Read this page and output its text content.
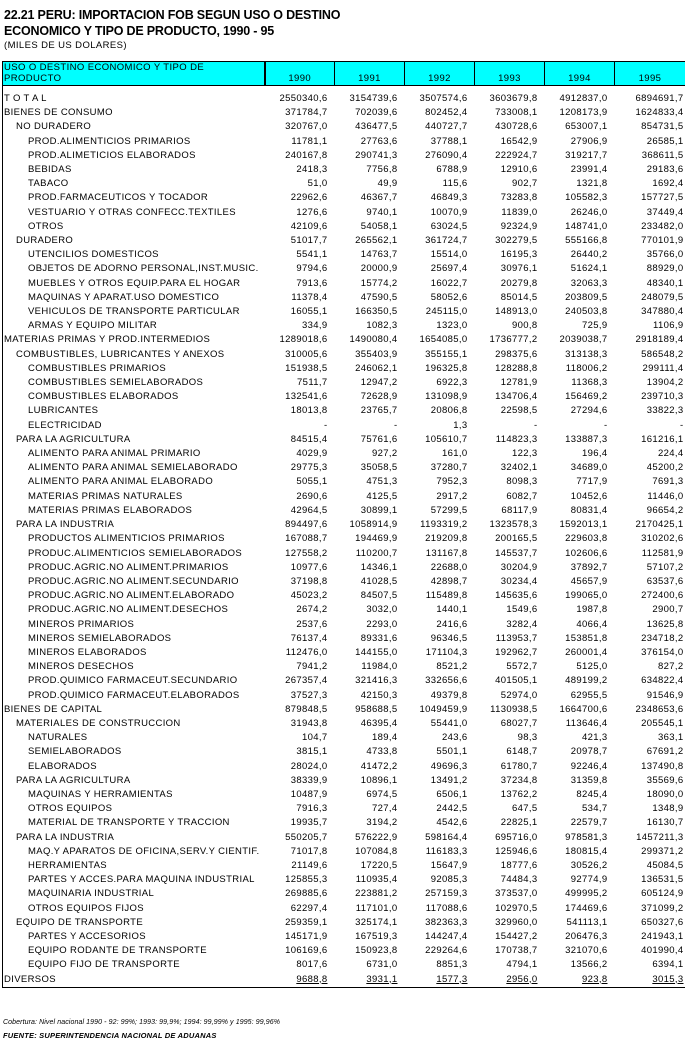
22.21 PERU: IMPORTACION FOB SEGUN USO O DESTINO
ECONOMICO Y TIPO DE PRODUCTO, 1990 - 95
(MILES DE US DOLARES)
USO O DESTINO ECONOMICO Y TIPO DE PRODUCTO	1990	1991	1992	1993	1994	1995

T O T A L	2550340,6	3154739,6	3507574,6	3603679,8	4912837,0	6894691,7
BIENES DE CONSUMO	371784,7	702039,6	802452,4	733008,1	1208173,9	1624833,4
NO DURADERO	320767,0	436477,5	440727,7	430728,6	653007,1	854731,5
PROD.ALIMENTICIOS PRIMARIOS	11781,1	27763,6	37788,1	16542,9	27906,9	26585,1
PROD.ALIMETICIOS ELABORADOS	240167,8	290741,3	276090,4	222924,7	319217,7	368611,5
BEBIDAS	2418,3	7756,8	6788,9	12910,6	23991,4	29183,6
TABACO	51,0	49,9	115,6	902,7	1321,8	1692,4
PROD.FARMACEUTICOS Y TOCADOR	22962,6	46367,7	46849,3	73283,8	105582,3	157727,5
VESTUARIO Y OTRAS CONFECC.TEXTILES	1276,6	9740,1	10070,9	11839,0	26246,0	37449,4
OTROS	42109,6	54058,1	63024,5	92324,9	148741,0	233482,0
DURADERO	51017,7	265562,1	361724,7	302279,5	555166,8	770101,9
UTENCILIOS DOMESTICOS	5541,1	14763,7	15514,0	16195,3	26440,2	35766,0
OBJETOS DE ADORNO PERSONAL,INST.MUSIC.	9794,6	20000,9	25697,4	30976,1	51624,1	88929,0
MUEBLES Y OTROS EQUIP.PARA EL HOGAR	7913,6	15774,2	16022,7	20279,8	32063,3	48340,1
MAQUINAS Y APARAT.USO DOMESTICO	11378,4	47590,5	58052,6	85014,5	203809,5	248079,5
VEHICULOS DE TRANSPORTE PARTICULAR	16055,1	166350,5	245115,0	148913,0	240503,8	347880,4
ARMAS Y EQUIPO MILITAR	334,9	1082,3	1323,0	900,8	725,9	1106,9
MATERIAS PRIMAS Y PROD.INTERMEDIOS	1289018,6	1490080,4	1654085,0	1736777,2	2039038,7	2918189,4
COMBUSTIBLES, LUBRICANTES Y ANEXOS	310005,6	355403,9	355155,1	298375,6	313138,3	586548,2
COMBUSTIBLES PRIMARIOS	151938,5	246062,1	196325,8	128288,8	118006,2	299111,4
COMBUSTIBLES SEMIELABORADOS	7511,7	12947,2	6922,3	12781,9	11368,3	13904,2
COMBUSTIBLES ELABORADOS	132541,6	72628,9	131098,9	134706,4	156469,2	239710,3
LUBRICANTES	18013,8	23765,7	20806,8	22598,5	27294,6	33822,3
ELECTRICIDAD	-	-	1,3	-	-	-
PARA LA AGRICULTURA	84515,4	75761,6	105610,7	114823,3	133887,3	161216,1
ALIMENTO PARA ANIMAL PRIMARIO	4029,9	927,2	161,0	122,3	196,4	224,4
ALIMENTO PARA ANIMAL SEMIELABORADO	29775,3	35058,5	37280,7	32402,1	34689,0	45200,2
ALIMENTO PARA ANIMAL ELABORADO	5055,1	4751,3	7952,3	8098,3	7717,9	7691,3
MATERIAS PRIMAS NATURALES	2690,6	4125,5	2917,2	6082,7	10452,6	11446,0
MATERIAS PRIMAS ELABORADOS	42964,5	30899,1	57299,5	68117,9	80831,4	96654,2
PARA LA INDUSTRIA	894497,6	1058914,9	1193319,2	1323578,3	1592013,1	2170425,1
PRODUCTOS ALIMENTICIOS PRIMARIOS	167088,7	194469,9	219209,8	200165,5	229603,8	310202,6
PRODUC.ALIMENTICIOS SEMIELABORADOS	127558,2	110200,7	131167,8	145537,7	102606,6	112581,9
PRODUC.AGRIC.NO ALIMENT.PRIMARIOS	10977,6	14346,1	22688,0	30204,9	37892,7	57107,2
PRODUC.AGRIC.NO ALIMENT.SECUNDARIO	37198,8	41028,5	42898,7	30234,4	45657,9	63537,6
PRODUC.AGRIC.NO ALIMENT.ELABORADO	45023,2	84507,5	115489,8	145635,6	199065,0	272400,6
PRODUC.AGRIC.NO ALIMENT.DESECHOS	2674,2	3032,0	1440,1	1549,6	1987,8	2900,7
MINEROS PRIMARIOS	2537,6	2293,0	2416,6	3282,4	4066,4	13625,8
MINEROS SEMIELABORADOS	76137,4	89331,6	96346,5	113953,7	153851,8	234718,2
MINEROS ELABORADOS	112476,0	144155,0	171104,3	192962,7	260001,4	376154,0
MINEROS DESECHOS	7941,2	11984,0	8521,2	5572,7	5125,0	827,2
PROD.QUIMICO FARMACEUT.SECUNDARIO	267357,4	321416,3	332656,6	401505,1	489199,2	634822,4
PROD.QUIMICO FARMACEUT.ELABORADOS	37527,3	42150,3	49379,8	52974,0	62955,5	91546,9
BIENES DE CAPITAL	879848,5	958688,5	1049459,9	1130938,5	1664700,6	2348653,6
MATERIALES DE CONSTRUCCION	31943,8	46395,4	55441,0	68027,7	113646,4	205545,1
NATURALES	104,7	189,4	243,6	98,3	421,3	363,1
SEMIELABORADOS	3815,1	4733,8	5501,1	6148,7	20978,7	67691,2
ELABORADOS	28024,0	41472,2	49696,3	61780,7	92246,4	137490,8
PARA LA AGRICULTURA	38339,9	10896,1	13491,2	37234,8	31359,8	35569,6
MAQUINAS Y HERRAMIENTAS	10487,9	6974,5	6506,1	13762,2	8245,4	18090,0
OTROS EQUIPOS	7916,3	727,4	2442,5	647,5	534,7	1348,9
MATERIAL DE TRANSPORTE Y TRACCION	19935,7	3194,2	4542,6	22825,1	22579,7	16130,7
PARA LA INDUSTRIA	550205,7	576222,9	598164,4	695716,0	978581,3	1457211,3
MAQ.Y APARATOS DE OFICINA,SERV.Y CIENTIF.	71017,8	107084,8	116183,3	125946,6	180815,4	299371,2
HERRAMIENTAS	21149,6	17220,5	15647,9	18777,6	30526,2	45084,5
PARTES Y ACCES.PARA MAQUINA INDUSTRIAL	125855,3	110935,4	92085,3	74484,3	92774,9	136531,5
MAQUINARIA INDUSTRIAL	269885,6	223881,2	257159,3	373537,0	499995,2	605124,9
OTROS EQUIPOS FIJOS	62297,4	117101,0	117088,6	102970,5	174469,6	371099,2
EQUIPO DE TRANSPORTE	259359,1	325174,1	382363,3	329960,0	541113,1	650327,6
PARTES Y ACCESORIOS	145171,9	167519,3	144247,4	154427,2	206476,3	241943,1
EQUIPO RODANTE DE TRANSPORTE	106169,6	150923,8	229264,6	170738,7	321070,6	401990,4
EQUIPO FIJO DE TRANSPORTE	8017,6	6731,0	8851,3	4794,1	13566,2	6394,1
DIVERSOS	9688,8	3931,1	1577,3	2956,0	923,8	3015,3
Cobertura: Nivel nacional 1990 - 92: 99%; 1993: 99,9%; 1994: 99,99% y 1995: 99,96%
FUENTE: SUPERINTENDENCIA NACIONAL DE ADUANAS
